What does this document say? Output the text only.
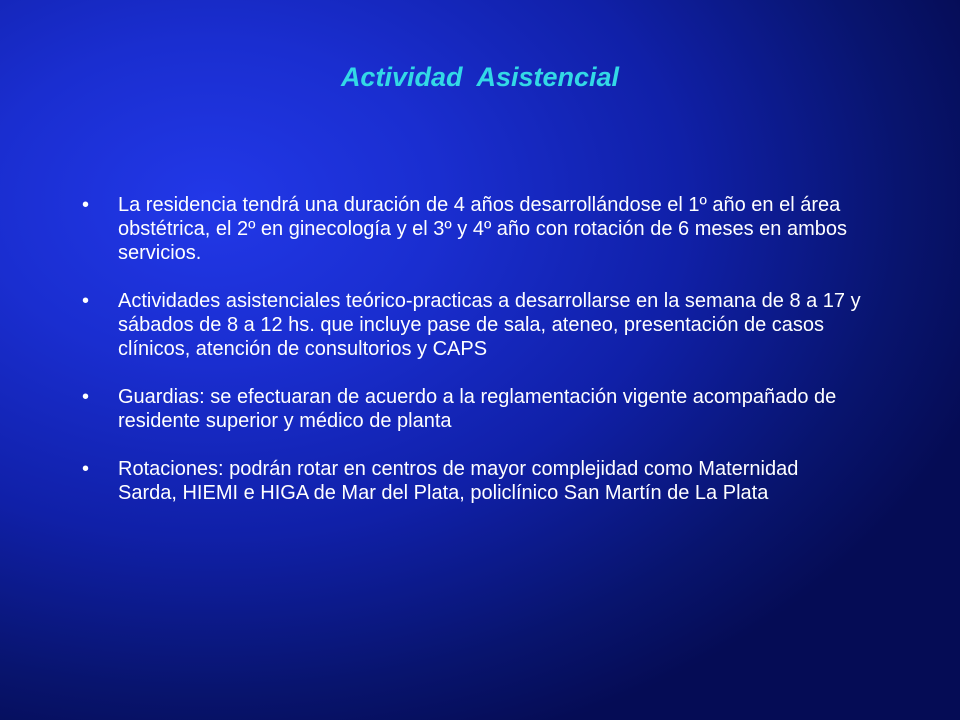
Actividad  Asistencial
•	La residencia tendrá una duración de 4 años desarrollándose el 1º año en el área obstétrica, el 2º en ginecología y el 3º y 4º año con rotación de 6 meses en ambos servicios.
•	Actividades asistenciales teórico-practicas a desarrollarse en la semana de 8 a 17 y sábados de 8 a 12 hs. que incluye pase de sala, ateneo, presentación de casos clínicos, atención de consultorios y CAPS
•	Guardias: se efectuaran de acuerdo a la reglamentación vigente acompañado de residente superior y médico de planta
•	Rotaciones: podrán rotar en centros de mayor complejidad como Maternidad Sarda, HIEMI e HIGA de Mar del Plata, policlínico San Martín de La Plata
